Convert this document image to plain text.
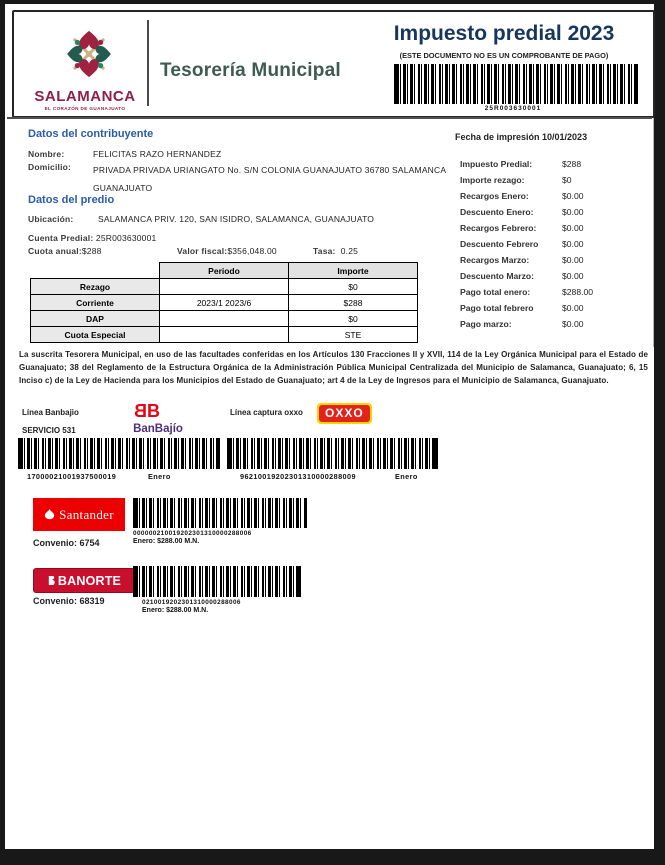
SALAMANCA
EL CORAZÓN DE GUANAJUATO
Tesorería Municipal
Impuesto predial 2023
(ESTE DOCUMENTO NO ES UN COMPROBANTE DE PAGO)
25R003630001
Datos del contribuyente
Nombre:	FELICITAS RAZO HERNANDEZ
Domicilio:	PRIVADA PRIVADA URIANGATO No. S/N COLONIA GUANAJUATO 36780 SALAMANCA GUANAJUATO
Datos del predio
Ubicación:	SALAMANCA PRIV. 120, SAN ISIDRO, SALAMANCA, GUANAJUATO
Cuenta Predial: 25R003630001
Cuota anual:$288	Valor fiscal:$356,048.00	Tasa: 0.25
	Periodo	Importe
Rezago		$0
Corriente	2023/1 2023/6	$288
DAP		$0
Cuota Especial		STE
Fecha de impresión 10/01/2023
Impuesto Predial:	$288
Importe rezago:	$0
Recargos Enero:	$0.00
Descuento Enero:	$0.00
Recargos Febrero:	$0.00
Descuento Febrero	$0.00
Recargos Marzo:	$0.00
Descuento Marzo:	$0.00
Pago total enero:	$288.00
Pago total febrero	$0.00
Pago marzo:	$0.00
La suscrita Tesorera Municipal, en uso de las facultades conferidas en los Artículos 130 Fracciones II y XVII, 114 de la Ley Orgánica Municipal para el Estado de Guanajuato; 38 del Reglamento de la Estructura Orgánica de la Administración Pública Municipal Centralizada del Municipio de Salamanca, Guanajuato; 6, 15 Inciso c) de la Ley de Hacienda para los Municipios del Estado de Guanajuato; art 4 de la Ley de Ingresos para el Municipio de Salamanca, Guanajuato.
Línea Banbajio	BB
BanBajío
SERVICIO 531
17000021001937500019	Enero
Línea captura oxxo	OXXO
96210019202301310000288009	Enero
Santander
Convenio: 6754
000000210019202301310000288006
Enero: $288.00 M.N.
BANORTE
Convenio: 68319	0210019202301310000288006
Enero: $288.00 M.N.
